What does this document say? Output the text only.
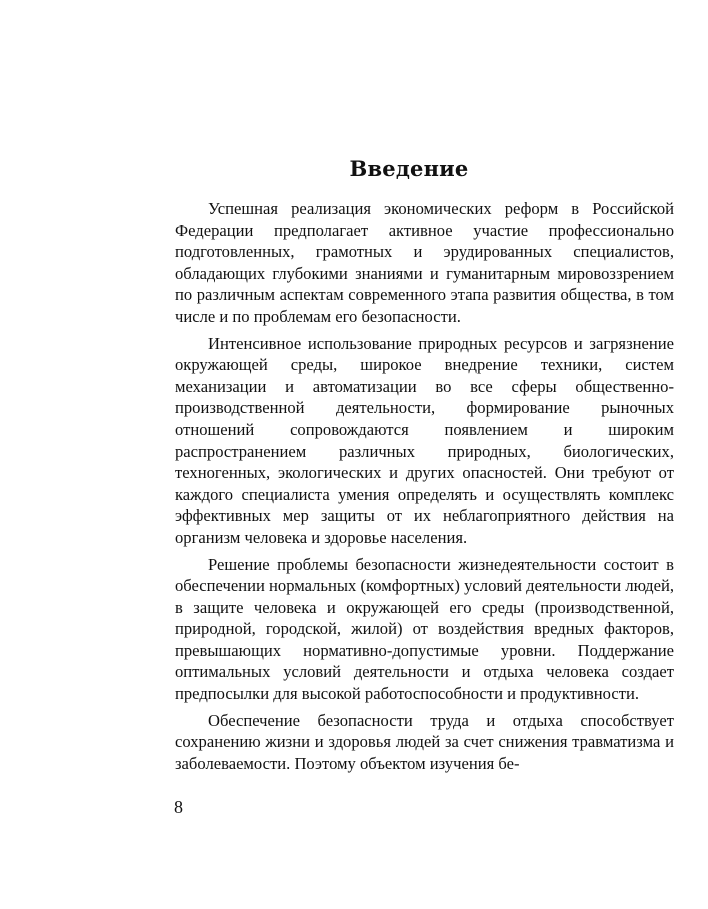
Введение

Успешная реализация экономических реформ в Российской Федерации предполагает активное участие профессионально подготовленных, грамотных и эрудированных специалистов, обладающих глубокими знаниями и гуманитарным мировоззрением по различным аспектам современного этапа развития общества, в том числе и по проблемам его безопасности.

Интенсивное использование природных ресурсов и загрязнение окружающей среды, широкое внедрение техники, систем механизации и автоматизации во все сферы общественно-производственной деятельности, формирование рыночных отношений сопровождаются появлением и широким распространением различных природных, биологических, техногенных, экологических и других опасностей. Они требуют от каждого специалиста умения определять и осуществлять комплекс эффективных мер защиты от их неблагоприятного действия на организм человека и здоровье населения.

Решение проблемы безопасности жизнедеятельности состоит в обеспечении нормальных (комфортных) условий деятельности людей, в защите человека и окружающей его среды (производственной, природной, городской, жилой) от воздействия вредных факторов, превышающих нормативно-допустимые уровни. Поддержание оптимальных условий деятельности и отдыха человека создает предпосылки для высокой работоспособности и продуктивности.

Обеспечение безопасности труда и отдыха способствует сохранению жизни и здоровья людей за счет снижения травматизма и заболеваемости. Поэтому объектом изучения бе-

8
